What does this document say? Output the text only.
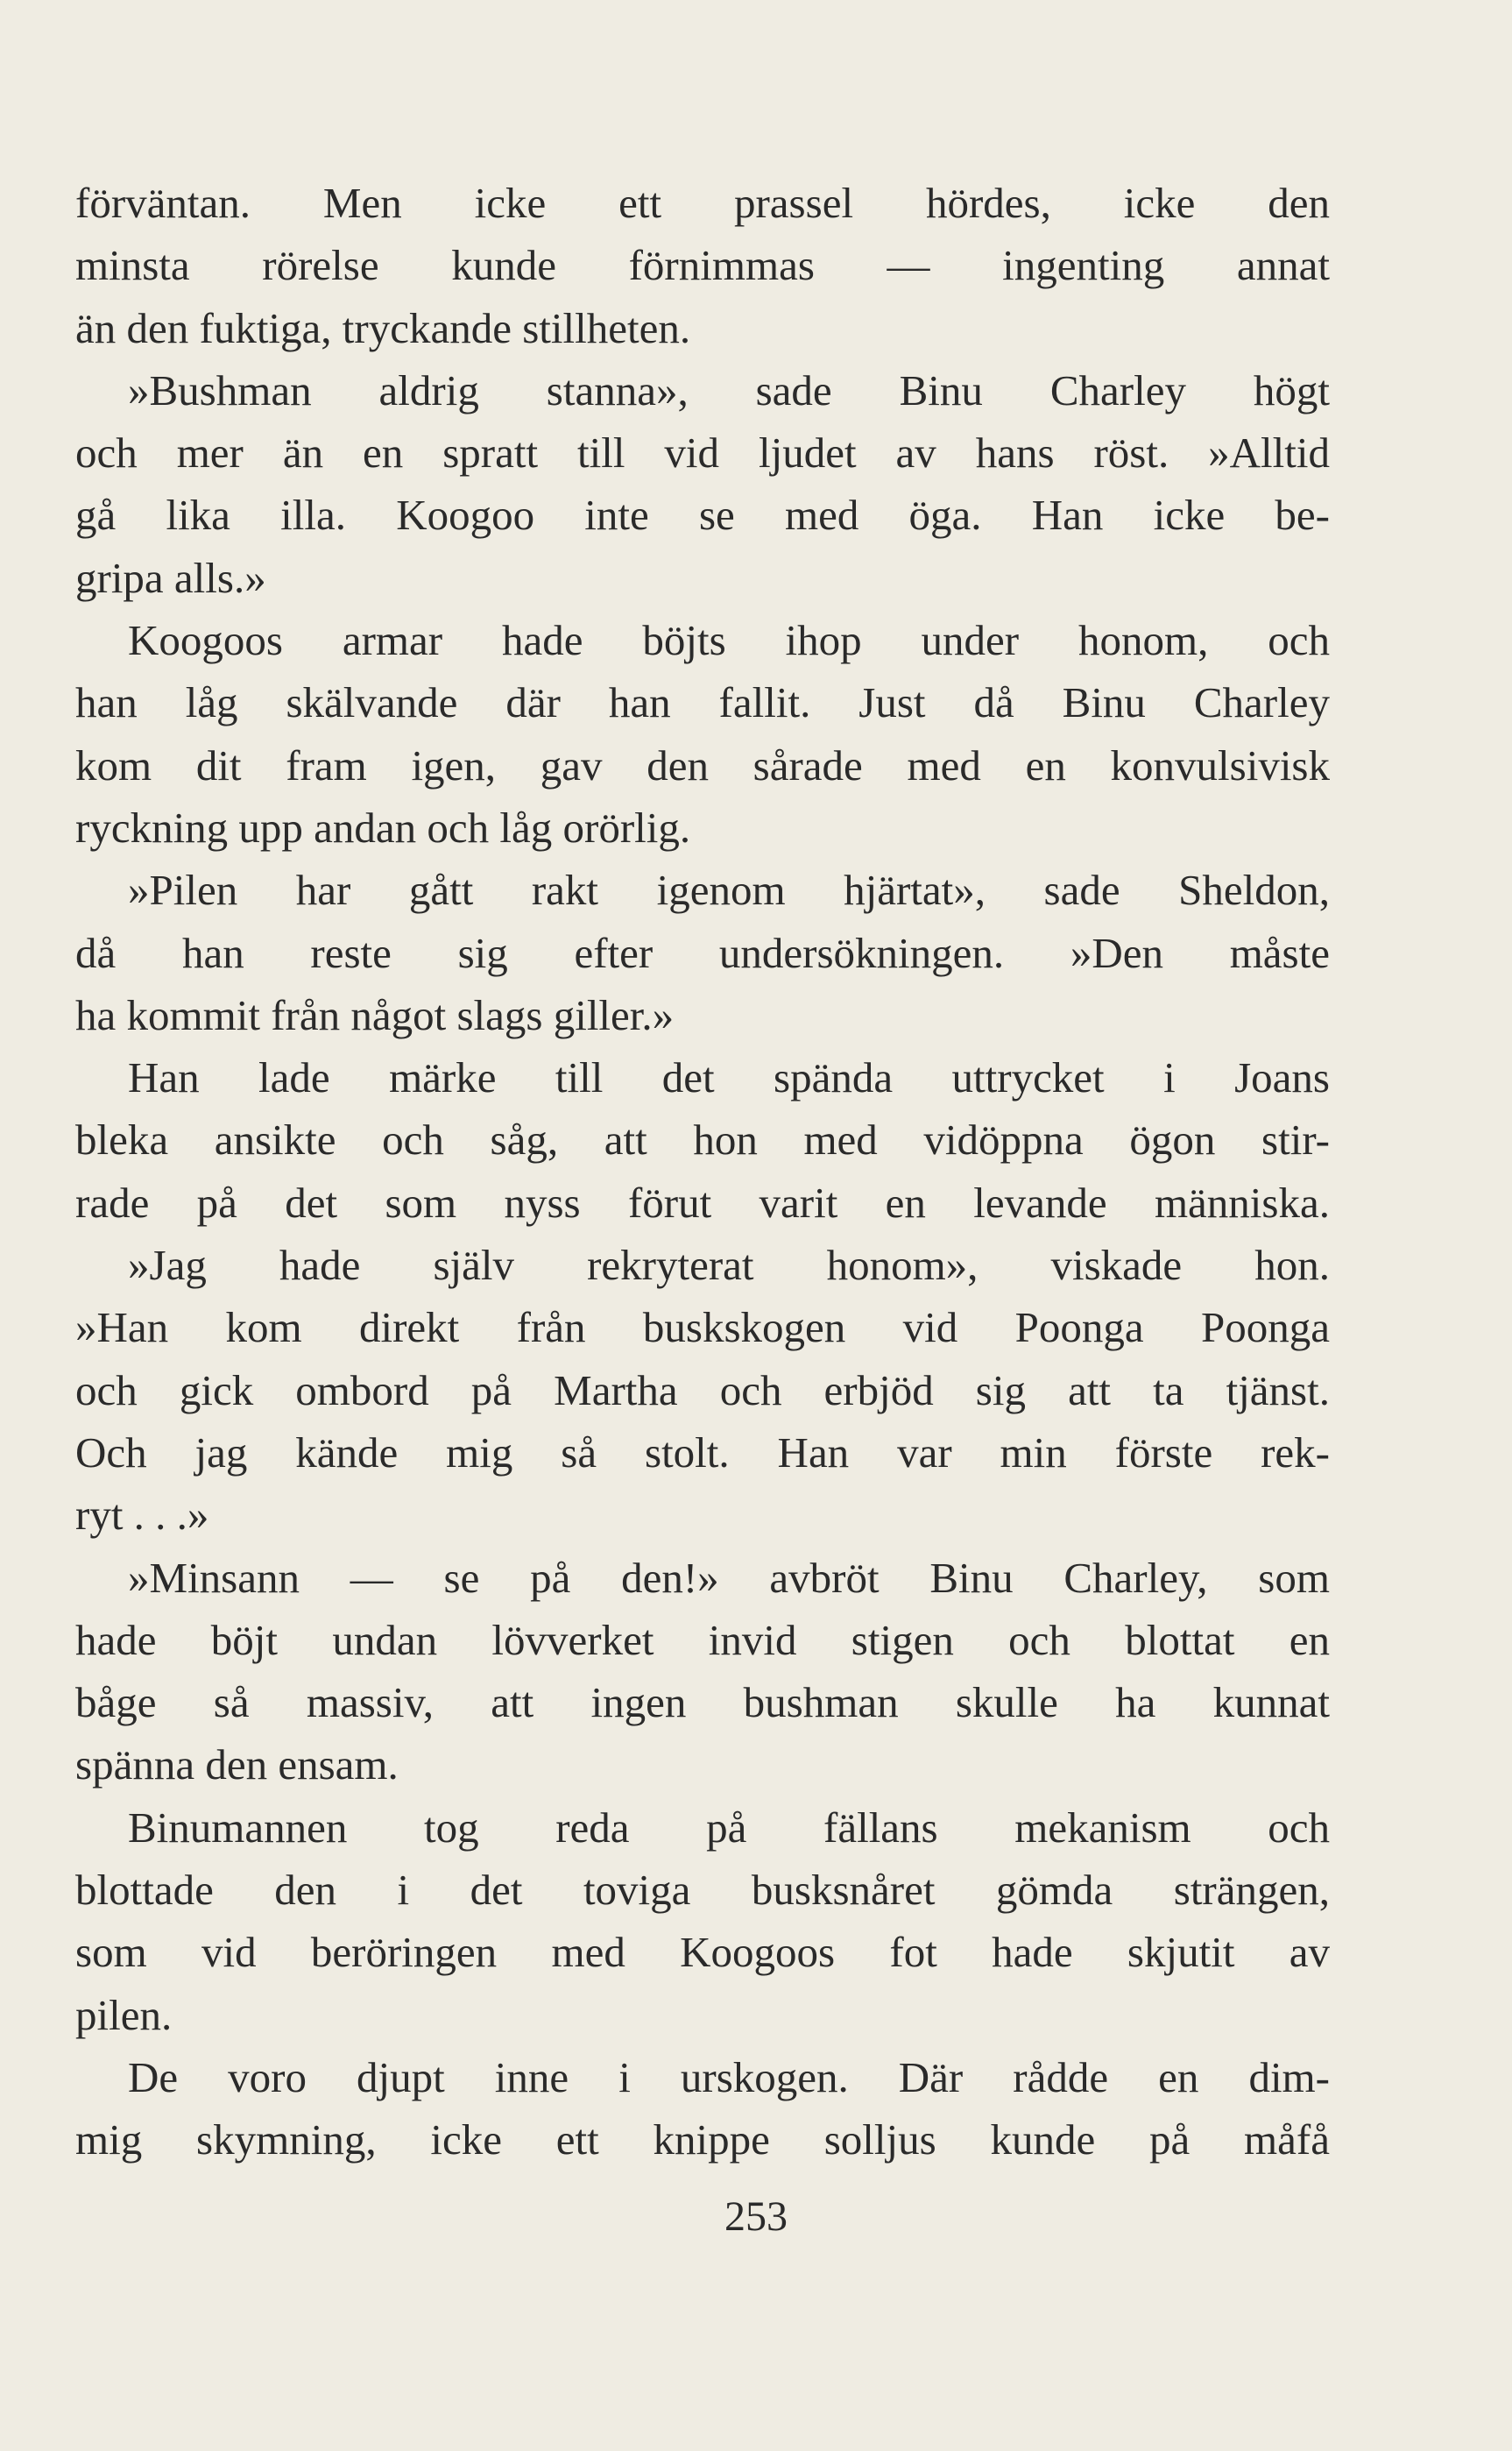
förväntan. Men icke ett prassel hördes, icke den
minsta rörelse kunde förnimmas — ingenting annat
än den fuktiga, tryckande stillheten.
»Bushman aldrig stanna», sade Binu Charley högt
och mer än en spratt till vid ljudet av hans röst. »Alltid
gå lika illa. Koogoo inte se med öga. Han icke be-
gripa alls.»
Koogoos armar hade böjts ihop under honom, och
han låg skälvande där han fallit. Just då Binu Charley
kom dit fram igen, gav den sårade med en konvulsivisk
ryckning upp andan och låg orörlig.
»Pilen har gått rakt igenom hjärtat», sade Sheldon,
då han reste sig efter undersökningen. »Den måste
ha kommit från något slags giller.»
Han lade märke till det spända uttrycket i Joans
bleka ansikte och såg, att hon med vidöppna ögon stir-
rade på det som nyss förut varit en levande människa.
»Jag hade själv rekryterat honom», viskade hon.
»Han kom direkt från buskskogen vid Poonga Poonga
och gick ombord på Martha och erbjöd sig att ta tjänst.
Och jag kände mig så stolt. Han var min förste rek-
ryt . . .»
»Minsann — se på den!» avbröt Binu Charley, som
hade böjt undan lövverket invid stigen och blottat en
båge så massiv, att ingen bushman skulle ha kunnat
spänna den ensam.
Binumannen tog reda på fällans mekanism och
blottade den i det toviga busksnåret gömda strängen,
som vid beröringen med Koogoos fot hade skjutit av
pilen.
De voro djupt inne i urskogen. Där rådde en dim-
mig skymning, icke ett knippe solljus kunde på måfå
253
